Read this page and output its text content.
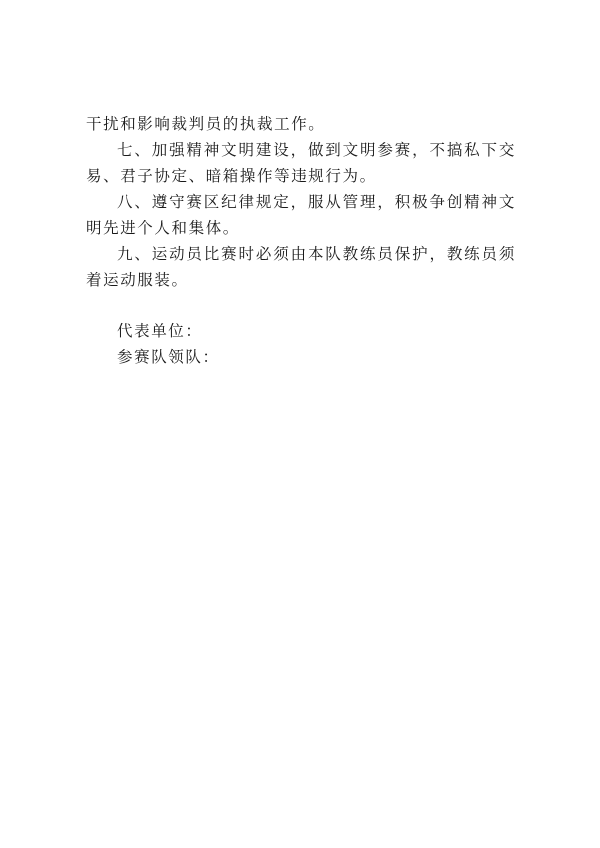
干扰和影响裁判员的执裁工作。

七、加强精神文明建设，做到文明参赛，不搞私下交易、君子协定、暗箱操作等违规行为。

八、遵守赛区纪律规定，服从管理，积极争创精神文明先进个人和集体。

九、运动员比赛时必须由本队教练员保护，教练员须着运动服装。

代表单位：

参赛队领队：
